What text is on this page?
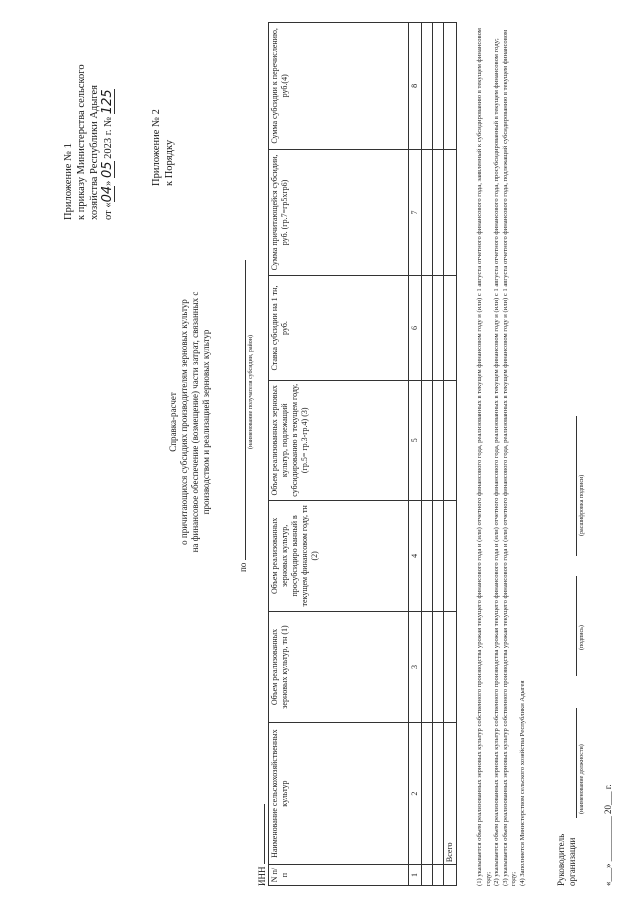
Приложение № 1 к приказу Министерства сельского хозяйства Республики Адыгея от «04» 05 2023 г. № 125
Приложение № 2 к Порядку
Справка-расчет о причитающихся субсидиях производителям зерновых культур на финансовое обеспечение (возмещение) части затрат, связанных с производством и реализацией зерновых культур
по
(наименование получателя субсидии, район)
ИНН N п/п	Наименование сельскохозяйственных культур	Объем реализованных зерновых культур, тн (1)	Объем реализованных зерновых культур, просубсидиро ванный в текущем финансовом году, тн (2)	Объем реализованных зерновых культур, подлежащий субсидированию в текущем году, (гр.5= гр.3-гр.4) (3)	Ставка субсидии на 1 тн, руб.	Сумма причитающейся субсидии, руб. (гр.7=гр5хгр6)	Сумма субсидии к перечислению, руб.(4)
1	2	3	4	5	6	7	8

	Всего							(1) указывается объем реализованных зерновых культур собственного производства урожая текущего финансового года и (или) отчетного финансового года, реализованных в текущем финансовом году и (или) с 1 августа отчетного финансового года, заявленный к субсидированию в текущем финансовом году; (2) указывается объем реализованных зерновых культур собственного производства урожая текущего финансового года и (или) отчетного финансового года, реализованных в текущем финансовом году и (или) с 1 августа отчетного финансового года, просубсидированный в текущем финансовом году; (3) указывается объем реализованных зерновых культур собственного производства урожая текущего финансового года и (или) отчетного финансового года, реализованных в текущем финансовом году и (или) с 1 августа отчетного финансового года, подлежащий субсидированию в текущем финансовом году; (4) Заполняется Министерством сельского хозяйства Республики Адыгея	Руководитель организации
(наименование должности)
(подпись)
(расшифровка подписи)
«___» __________ 20___ г.
